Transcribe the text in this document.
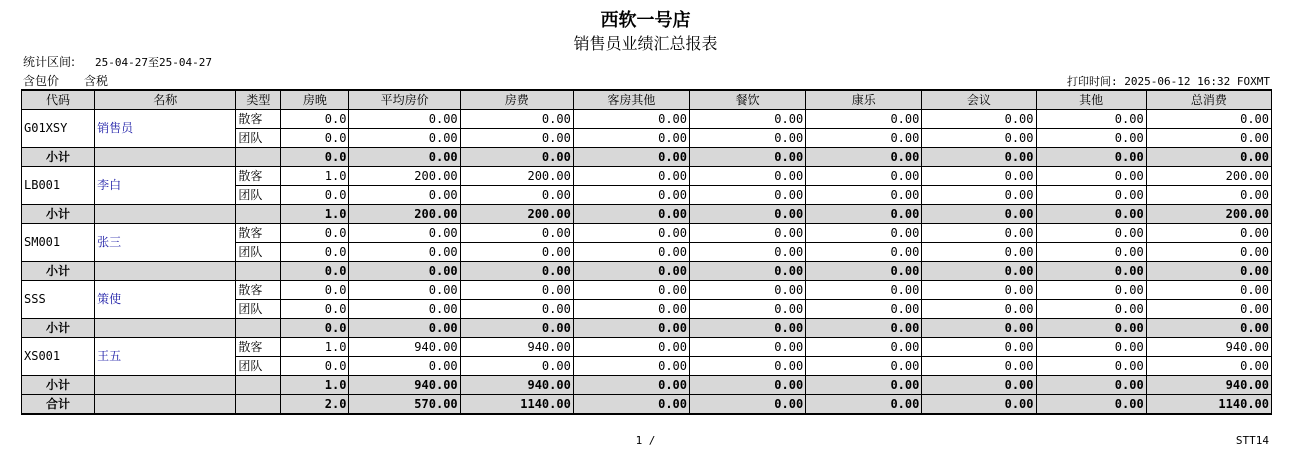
西软一号店
销售员业绩汇总报表
统计区间: 25-04-27至25-04-27
含包价 含税	打印时间: 2025-06-12 16:32 FOXMT
代码	名称	类型	房晚	平均房价	房费	客房其他	餐饮	康乐	会议	其他	总消费
G01XSY	销售员	散客	0.0	0.00	0.00	0.00	0.00	0.00	0.00	0.00	0.00
		团队	0.0	0.00	0.00	0.00	0.00	0.00	0.00	0.00	0.00
小计			0.0	0.00	0.00	0.00	0.00	0.00	0.00	0.00	0.00
LB001	李白	散客	1.0	200.00	200.00	0.00	0.00	0.00	0.00	0.00	200.00
		团队	0.0	0.00	0.00	0.00	0.00	0.00	0.00	0.00	0.00
小计			1.0	200.00	200.00	0.00	0.00	0.00	0.00	0.00	200.00
SM001	张三	散客	0.0	0.00	0.00	0.00	0.00	0.00	0.00	0.00	0.00
		团队	0.0	0.00	0.00	0.00	0.00	0.00	0.00	0.00	0.00
小计			0.0	0.00	0.00	0.00	0.00	0.00	0.00	0.00	0.00
SSS	策使	散客	0.0	0.00	0.00	0.00	0.00	0.00	0.00	0.00	0.00
		团队	0.0	0.00	0.00	0.00	0.00	0.00	0.00	0.00	0.00
小计			0.0	0.00	0.00	0.00	0.00	0.00	0.00	0.00	0.00
XS001	王五	散客	1.0	940.00	940.00	0.00	0.00	0.00	0.00	0.00	940.00
		团队	0.0	0.00	0.00	0.00	0.00	0.00	0.00	0.00	0.00
小计			1.0	940.00	940.00	0.00	0.00	0.00	0.00	0.00	940.00
合计			2.0	570.00	1140.00	0.00	0.00	0.00	0.00	0.00	1140.00
1 /	STT14
